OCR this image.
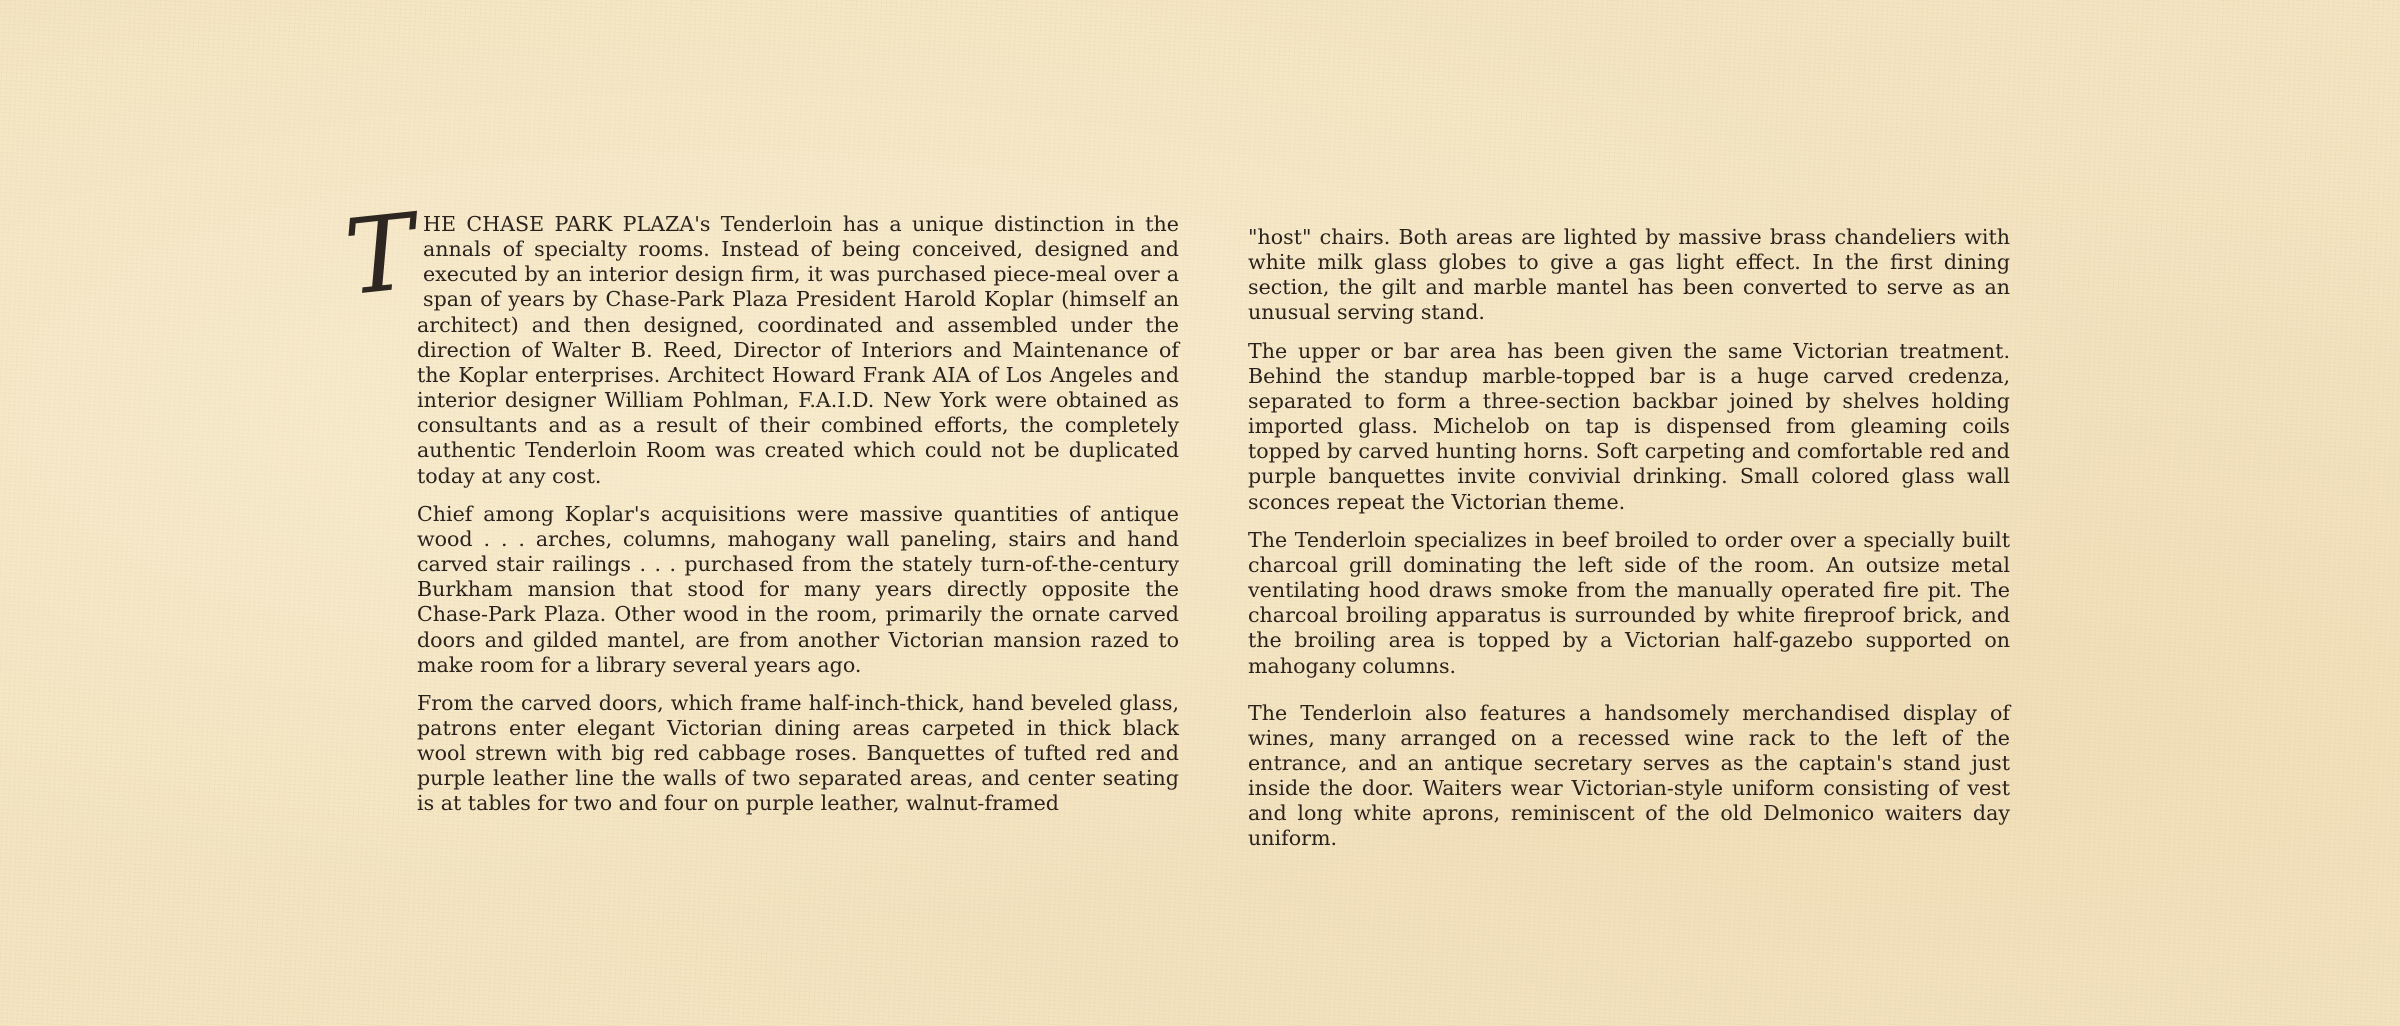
THE CHASE PARK PLAZA's Tenderloin has a unique distinction in the annals of specialty rooms. Instead of being conceived, designed and executed by an interior design firm, it was purchased piece-meal over a span of years by Chase-Park Plaza President Harold Koplar (himself an architect) and then designed, coordinated and assembled under the direction of Walter B. Reed, Director of Interiors and Maintenance of the Koplar enterprises. Architect Howard Frank AIA of Los Angeles and interior designer William Pohlman, F.A.I.D. New York were obtained as consultants and as a result of their combined efforts, the completely authentic Tenderloin Room was created which could not be duplicated today at any cost.

Chief among Koplar's acquisitions were massive quantities of antique wood . . . arches, columns, mahogany wall paneling, stairs and hand carved stair railings . . . purchased from the stately turn-of-the-century Burkham mansion that stood for many years directly opposite the Chase-Park Plaza. Other wood in the room, primarily the ornate carved doors and gilded mantel, are from another Victorian mansion razed to make room for a library several years ago.

From the carved doors, which frame half-inch-thick, hand beveled glass, patrons enter elegant Victorian dining areas carpeted in thick black wool strewn with big red cabbage roses. Banquettes of tufted red and purple leather line the walls of two separated areas, and center seating is at tables for two and four on purple leather, walnut-framed

"host" chairs. Both areas are lighted by massive brass chandeliers with white milk glass globes to give a gas light effect. In the first dining section, the gilt and marble mantel has been converted to serve as an unusual serving stand.

The upper or bar area has been given the same Victorian treatment. Behind the standup marble-topped bar is a huge carved credenza, separated to form a three-section backbar joined by shelves holding imported glass. Michelob on tap is dispensed from gleaming coils topped by carved hunting horns. Soft carpeting and comfortable red and purple banquettes invite convivial drinking. Small colored glass wall sconces repeat the Victorian theme.

The Tenderloin specializes in beef broiled to order over a specially built charcoal grill dominating the left side of the room. An outsize metal ventilating hood draws smoke from the manually operated fire pit. The charcoal broiling apparatus is surrounded by white fireproof brick, and the broiling area is topped by a Victorian half-gazebo supported on mahogany columns.

The Tenderloin also features a handsomely merchandised display of wines, many arranged on a recessed wine rack to the left of the entrance, and an antique secretary serves as the captain's stand just inside the door. Waiters wear Victorian-style uniform consisting of vest and long white aprons, reminiscent of the old Delmonico waiters day uniform.
